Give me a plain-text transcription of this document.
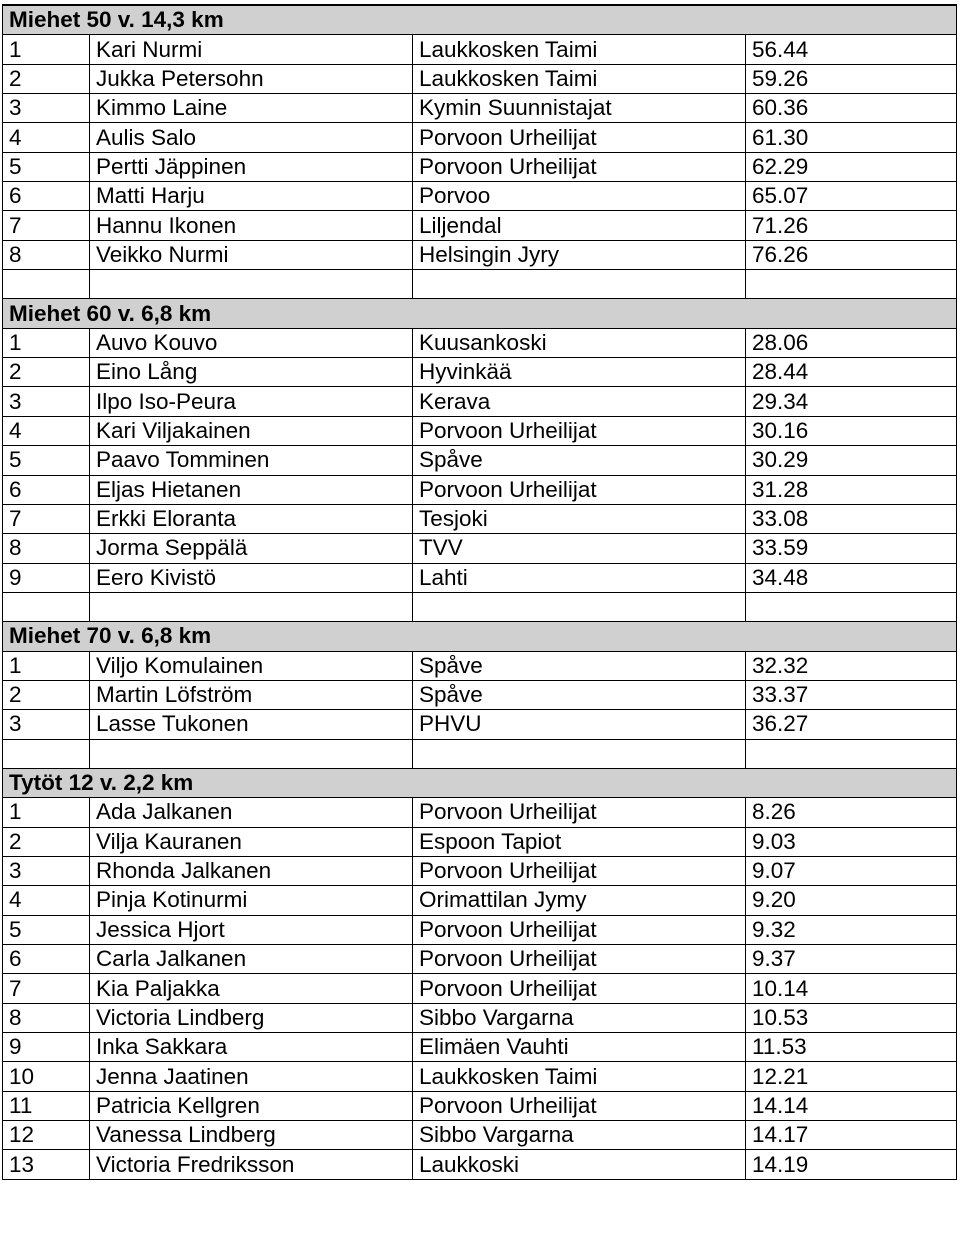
Miehet 50 v. 14,3 km			
1	Kari Nurmi	Laukkosken Taimi	56.44
2	Jukka Petersohn	Laukkosken Taimi	59.26
3	Kimmo Laine	Kymin Suunnistajat	60.36
4	Aulis Salo	Porvoon Urheilijat	61.30
5	Pertti Jäppinen	Porvoon Urheilijat	62.29
6	Matti Harju	Porvoo	65.07
7	Hannu Ikonen	Liljendal	71.26
8	Veikko Nurmi	Helsingin Jyry	76.26

Miehet 60 v. 6,8 km			
1	Auvo Kouvo	Kuusankoski	28.06
2	Eino Lång	Hyvinkää	28.44
3	Ilpo Iso-Peura	Kerava	29.34
4	Kari Viljakainen	Porvoon Urheilijat	30.16
5	Paavo Tomminen	Spåve	30.29
6	Eljas Hietanen	Porvoon Urheilijat	31.28
7	Erkki Eloranta	Tesjoki	33.08
8	Jorma Seppälä	TVV	33.59
9	Eero Kivistö	Lahti	34.48

Miehet 70 v. 6,8 km			
1	Viljo Komulainen	Spåve	32.32
2	Martin Löfström	Spåve	33.37
3	Lasse Tukonen	PHVU	36.27

Tytöt 12 v. 2,2 km			
1	Ada Jalkanen	Porvoon Urheilijat	8.26
2	Vilja Kauranen	Espoon Tapiot	9.03
3	Rhonda Jalkanen	Porvoon Urheilijat	9.07
4	Pinja Kotinurmi	Orimattilan Jymy	9.20
5	Jessica Hjort	Porvoon Urheilijat	9.32
6	Carla Jalkanen	Porvoon Urheilijat	9.37
7	Kia Paljakka	Porvoon Urheilijat	10.14
8	Victoria Lindberg	Sibbo Vargarna	10.53
9	Inka Sakkara	Elimäen Vauhti	11.53
10	Jenna Jaatinen	Laukkosken Taimi	12.21
11	Patricia Kellgren	Porvoon Urheilijat	14.14
12	Vanessa Lindberg	Sibbo Vargarna	14.17
13	Victoria Fredriksson	Laukkoski	14.19
